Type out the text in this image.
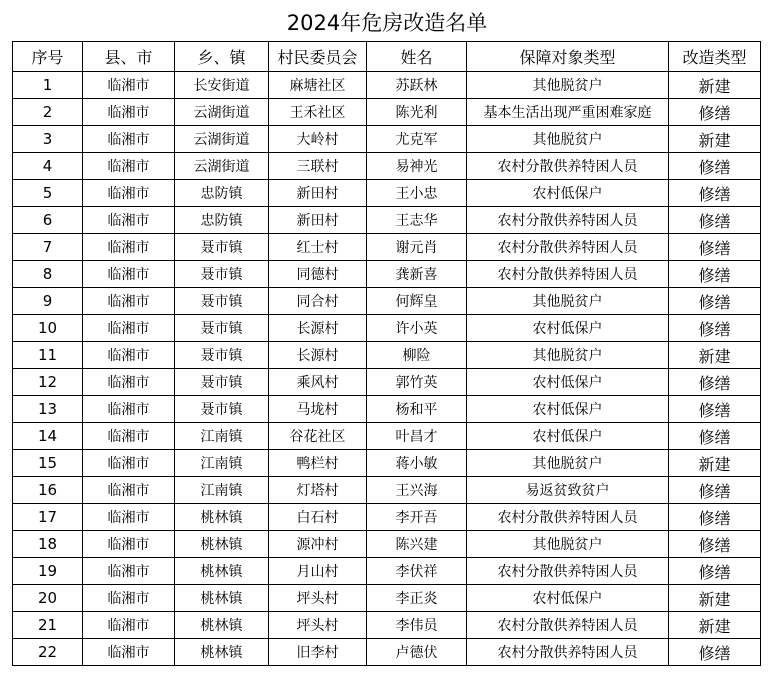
2024年危房改造名单
序号	县、市	乡、镇	村民委员会	姓名	保障对象类型	改造类型
1	临湘市	长安街道	麻塘社区	苏跃林	其他脱贫户	新建
2	临湘市	云湖街道	王禾社区	陈光利	基本生活出现严重困难家庭	修缮
3	临湘市	云湖街道	大岭村	尤克军	其他脱贫户	新建
4	临湘市	云湖街道	三联村	易神光	农村分散供养特困人员	修缮
5	临湘市	忠防镇	新田村	王小忠	农村低保户	修缮
6	临湘市	忠防镇	新田村	王志华	农村分散供养特困人员	修缮
7	临湘市	聂市镇	红士村	谢元肖	农村分散供养特困人员	修缮
8	临湘市	聂市镇	同德村	龚新喜	农村分散供养特困人员	修缮
9	临湘市	聂市镇	同合村	何辉皇	其他脱贫户	修缮
10	临湘市	聂市镇	长源村	许小英	农村低保户	修缮
11	临湘市	聂市镇	长源村	柳险	其他脱贫户	新建
12	临湘市	聂市镇	乘风村	郭竹英	农村低保户	修缮
13	临湘市	聂市镇	马垅村	杨和平	农村低保户	修缮
14	临湘市	江南镇	谷花社区	叶昌才	农村低保户	修缮
15	临湘市	江南镇	鸭栏村	蒋小敏	其他脱贫户	新建
16	临湘市	江南镇	灯塔村	王兴海	易返贫致贫户	修缮
17	临湘市	桃林镇	白石村	李开吾	农村分散供养特困人员	修缮
18	临湘市	桃林镇	源冲村	陈兴建	其他脱贫户	修缮
19	临湘市	桃林镇	月山村	李伏祥	农村分散供养特困人员	修缮
20	临湘市	桃林镇	坪头村	李正炎	农村低保户	新建
21	临湘市	桃林镇	坪头村	李伟员	农村分散供养特困人员	新建
22	临湘市	桃林镇	旧李村	卢德伏	农村分散供养特困人员	修缮
